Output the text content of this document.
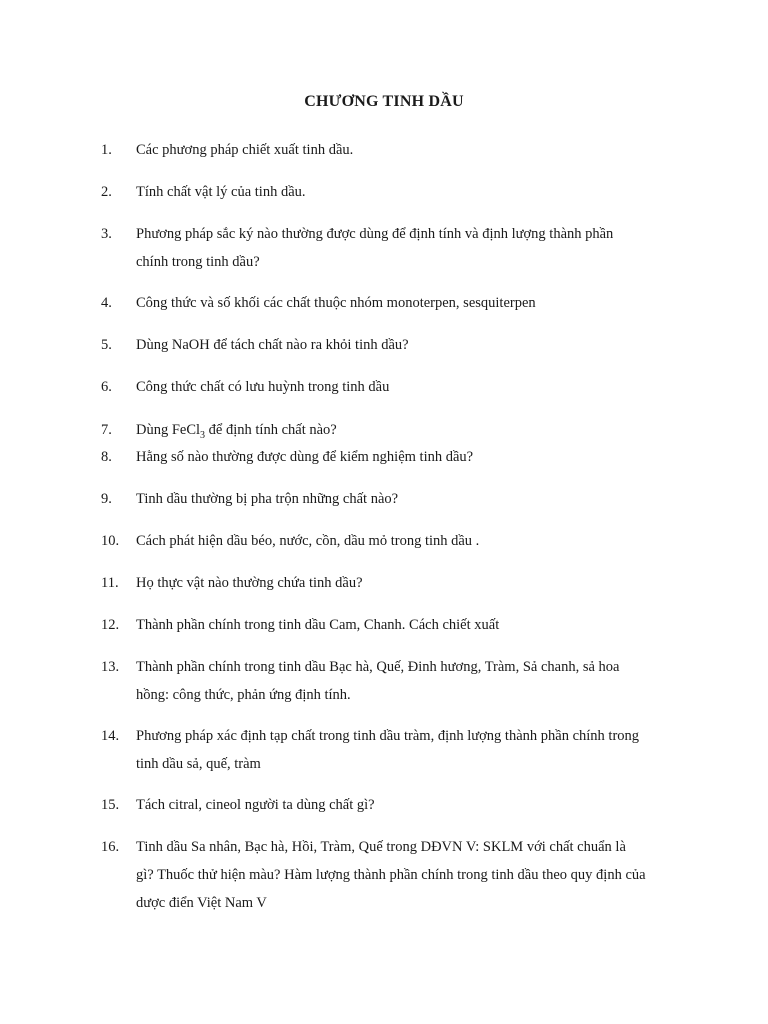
CHƯƠNG TINH DẦU
1. Các phương pháp chiết xuất tinh dầu.
2. Tính chất vật lý của tinh dầu.
3. Phương pháp sắc ký nào thường được dùng để định tính và định lượng thành phần
chính trong tinh dầu?
4. Công thức và số khối các chất thuộc nhóm monoterpen, sesquiterpen
5. Dùng NaOH để tách chất nào ra khỏi tinh dầu?
6. Công thức chất có lưu huỳnh trong tinh dầu
7. Dùng FeCl$_3$ để định tính chất nào?
8. Hằng số nào thường được dùng để kiểm nghiệm tinh dầu?
9. Tinh dầu thường bị pha trộn những chất nào?
10. Cách phát hiện dầu béo, nước, cồn, dầu mỏ trong tinh dầu .
11. Họ thực vật nào thường chứa tinh dầu?
12. Thành phần chính trong tinh dầu Cam, Chanh. Cách chiết xuất
13. Thành phần chính trong tinh dầu Bạc hà, Quế, Đinh hương, Tràm, Sả chanh, sả hoa
hồng: công thức, phản ứng định tính.
14. Phương pháp xác định tạp chất trong tinh dầu tràm, định lượng thành phần chính trong
tinh dầu sả, quế, tràm
15. Tách citral, cineol người ta dùng chất gì?
16. Tinh dầu Sa nhân, Bạc hà, Hồi, Tràm, Quế trong DĐVN V: SKLM với chất chuẩn là
gì? Thuốc thử hiện màu? Hàm lượng thành phần chính trong tinh dầu theo quy định của
dược điển Việt Nam V
